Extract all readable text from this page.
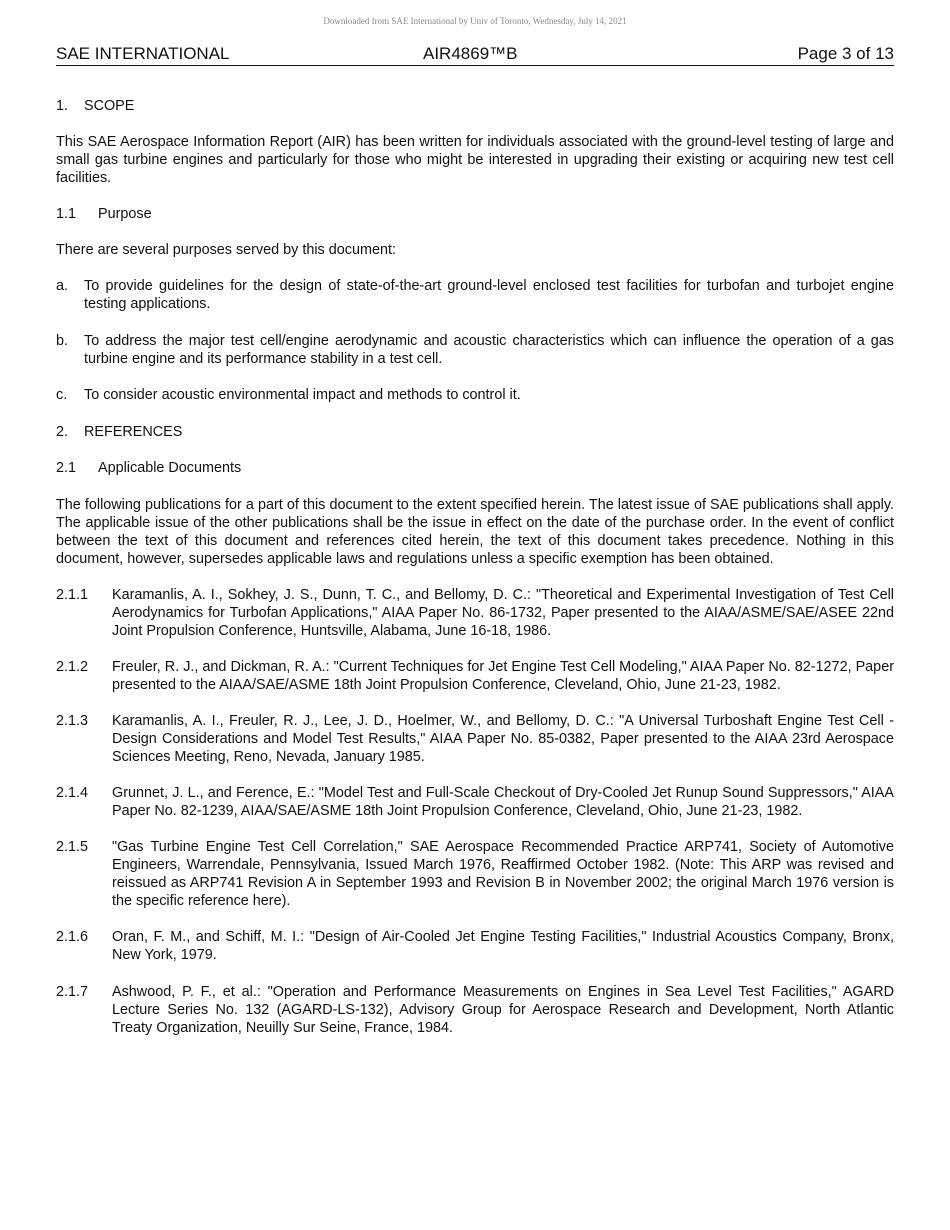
Downloaded from SAE International by Univ of Toronto, Wednesday, July 14, 2021
SAE INTERNATIONAL	AIR4869™B	Page 3 of 13
1.	SCOPE

This SAE Aerospace Information Report (AIR) has been written for individuals associated with the ground-level testing of large and small gas turbine engines and particularly for those who might be interested in upgrading their existing or acquiring new test cell facilities.

1.1	Purpose

There are several purposes served by this document:

a.	To provide guidelines for the design of state-of-the-art ground-level enclosed test facilities for turbofan and turbojet engine testing applications.
b.	To address the major test cell/engine aerodynamic and acoustic characteristics which can influence the operation of a gas turbine engine and its performance stability in a test cell.
c.	To consider acoustic environmental impact and methods to control it.
2.	REFERENCES
2.1	Applicable Documents

The following publications for a part of this document to the extent specified herein. The latest issue of SAE publications shall apply. The applicable issue of the other publications shall be the issue in effect on the date of the purchase order. In the event of conflict between the text of this document and references cited herein, the text of this document takes precedence. Nothing in this document, however, supersedes applicable laws and regulations unless a specific exemption has been obtained.

2.1.1	Karamanlis, A. I., Sokhey, J. S., Dunn, T. C., and Bellomy, D. C.: "Theoretical and Experimental Investigation of Test Cell Aerodynamics for Turbofan Applications," AIAA Paper No. 86-1732, Paper presented to the AIAA/ASME/SAE/ASEE 22nd Joint Propulsion Conference, Huntsville, Alabama, June 16-18, 1986.
2.1.2	Freuler, R. J., and Dickman, R. A.: "Current Techniques for Jet Engine Test Cell Modeling," AIAA Paper No. 82-1272, Paper presented to the AIAA/SAE/ASME 18th Joint Propulsion Conference, Cleveland, Ohio, June 21-23, 1982.
2.1.3	Karamanlis, A. I., Freuler, R. J., Lee, J. D., Hoelmer, W., and Bellomy, D. C.: "A Universal Turboshaft Engine Test Cell - Design Considerations and Model Test Results," AIAA Paper No. 85-0382, Paper presented to the AIAA 23rd Aerospace Sciences Meeting, Reno, Nevada, January 1985.
2.1.4	Grunnet, J. L., and Ference, E.: "Model Test and Full-Scale Checkout of Dry-Cooled Jet Runup Sound Suppressors," AIAA Paper No. 82-1239, AIAA/SAE/ASME 18th Joint Propulsion Conference, Cleveland, Ohio, June 21-23, 1982.
2.1.5	"Gas Turbine Engine Test Cell Correlation," SAE Aerospace Recommended Practice ARP741, Society of Automotive Engineers, Warrendale, Pennsylvania, Issued March 1976, Reaffirmed October 1982. (Note: This ARP was revised and reissued as ARP741 Revision A in September 1993 and Revision B in November 2002; the original March 1976 version is the specific reference here).
2.1.6	Oran, F. M., and Schiff, M. I.: "Design of Air-Cooled Jet Engine Testing Facilities," Industrial Acoustics Company, Bronx, New York, 1979.
2.1.7	Ashwood, P. F., et al.: "Operation and Performance Measurements on Engines in Sea Level Test Facilities," AGARD Lecture Series No. 132 (AGARD-LS-132), Advisory Group for Aerospace Research and Development, North Atlantic Treaty Organization, Neuilly Sur Seine, France, 1984.
